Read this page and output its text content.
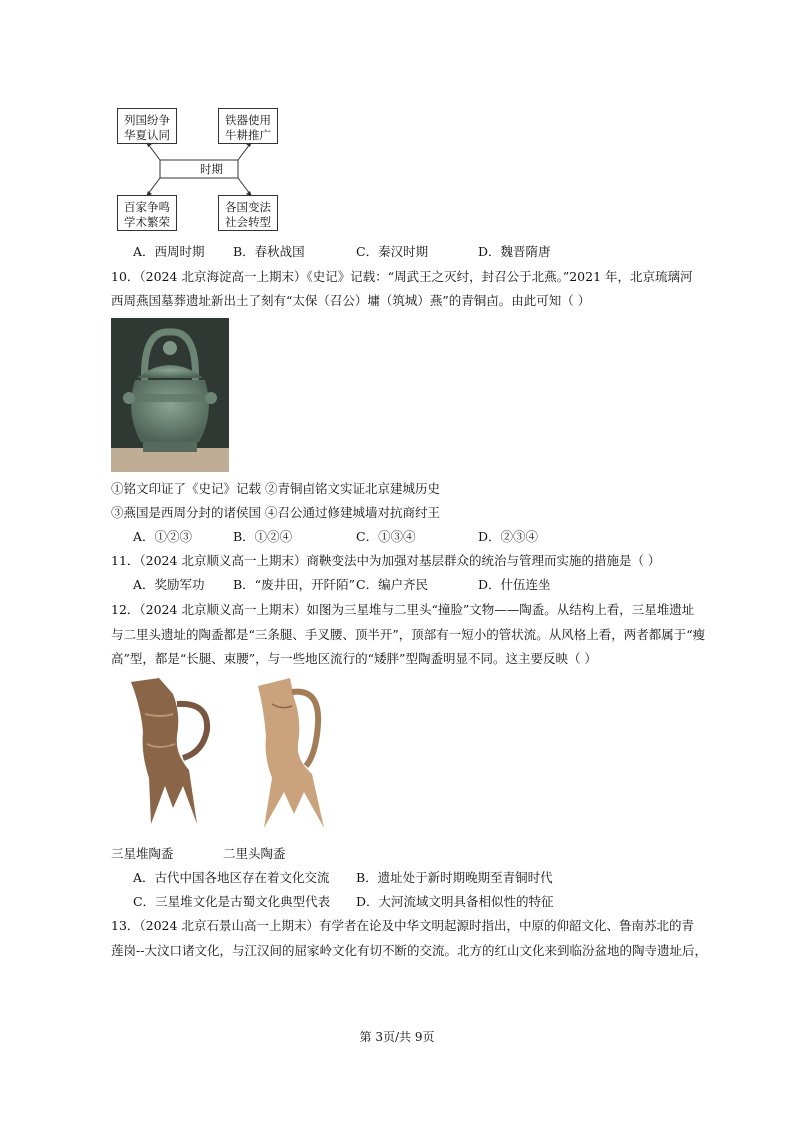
列国纷争
华夏认同
铁器使用
牛耕推广
百家争鸣
学术繁荣
各国变法
社会转型
时期
A．西周时期 B．春秋战国	C．秦汉时期	D．魏晋隋唐
10．（2024 北京海淀高一上期末）《史记》记载：“周武王之灭纣，封召公于北燕。”2021 年，北京琉璃河
西周燕国墓葬遗址新出土了刻有“太保（召公）墉（筑城）燕”的青铜卣。由此可知（ ）
①铭文印证了《史记》记载 ②青铜卣铭文实证北京建城历史
③燕国是西周分封的诸侯国 ④召公通过修建城墙对抗商纣王
A．①②③	B．①②④	C．①③④	D．②③④
11．（2024 北京顺义高一上期末）商鞅变法中为加强对基层群众的统治与管理而实施的措施是（ ）
A．奖励军功 B．“废井田，开阡陌” C．编户齐民	D．什伍连坐
12．（2024 北京顺义高一上期末）如图为三星堆与二里头“撞脸”文物——陶盉。从结构上看，三星堆遗址
与二里头遗址的陶盉都是“三条腿、手叉腰、顶半开”，顶部有一短小的管状流。从风格上看，两者都属于“瘦
高”型，都是“长腿、束腰”，与一些地区流行的“矮胖”型陶盉明显不同。这主要反映（ ）
三星堆陶盉	二里头陶盉
A．古代中国各地区存在着文化交流 B．遗址处于新时期晚期至青铜时代
C．三星堆文化是古蜀文化典型代表 D．大河流域文明具备相似性的特征
13．（2024 北京石景山高一上期末）有学者在论及中华文明起源时指出，中原的仰韶文化、鲁南苏北的青
莲岗--大汶口诸文化，与江汉间的屈家岭文化有切不断的交流。北方的红山文化来到临汾盆地的陶寺遗址后，
第 3页/共 9页
